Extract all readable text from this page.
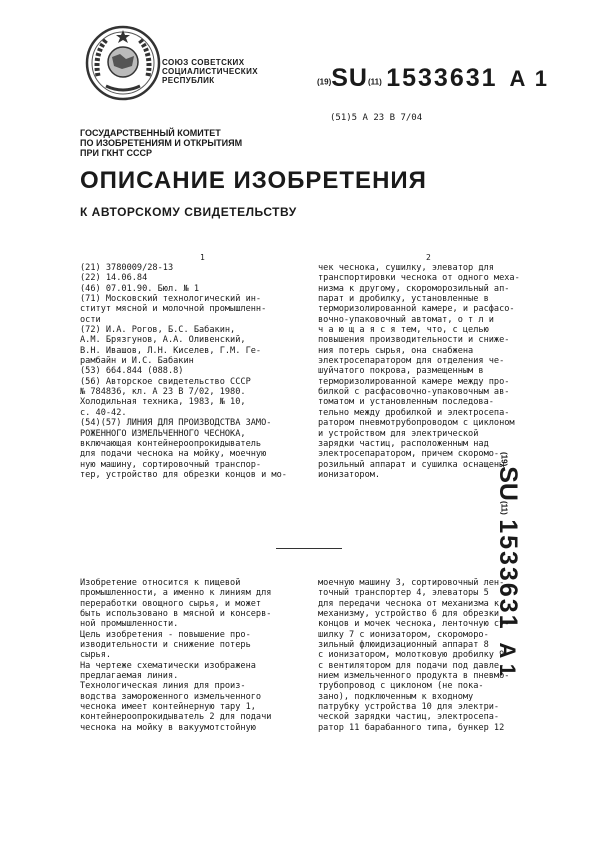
СОЮЗ СОВЕТСКИХ
СОЦИАЛИСТИЧЕСКИХ
РЕСПУБЛИК	(19)SU(11) 1533631 A 1
(51)5 А 23 В 7/04
ГОСУДАРСТВЕННЫЙ КОМИТЕТ
ПО ИЗОБРЕТЕНИЯМ И ОТКРЫТИЯМ
ПРИ ГКНТ СССР
ОПИСАНИЕ ИЗОБРЕТЕНИЯ
К АВТОРСКОМУ СВИДЕТЕЛЬСТВУ
1	2
(21) 3780009/28-13
(22) 14.06.84
(46) 07.01.90. Бюл. № 1
(71) Московский технологический ин-
ститут мясной и молочной промышленн-
ости
(72) И.А. Рогов, Б.С. Бабакин,
А.М. Брязгунов, А.А. Оливенский,
В.Н. Ивашов, Л.Н. Киселев, Г.М. Ге-
рамбайн и И.С. Бабакин
(53) 664.844 (088.8)
(56) Авторское свидетельство СССР
№ 784836, кл. А 23 В 7/02, 1980.
Холодильная техника, 1983, № 10,
с. 40-42.
(54)(57) ЛИНИЯ ДЛЯ ПРОИЗВОДСТВА ЗАМО-
РОЖЕННОГО ИЗМЕЛЬЧЕННОГО ЧЕСНОКА,
включающая контейнероопрокидыватель
для подачи чеснока на мойку, моечную
ную машину, сортировочный транспор-
тер, устройство для обрезки концов и мо-
чек чеснока, сушилку, элеватор для
транспортировки чеснока от одного меха-
низма к другому, скороморозильный ап-
парат и дробилку, установленные в
терморизолированной камере, и расфасо-
вочно-упаковочный автомат, о т л и
ч а ю щ а я с я тем, что, с целью
повышения производительности и сниже-
ния потерь сырья, она снабжена
электросепаратором для отделения че-
шуйчатого покрова, размещенным в
терморизолированной камере между про-
билкой с расфасовочно-упаковочным ав-
томатом и установленным последова-
тельно между дробилкой и электросепа-
ратором пневмотрубопроводом с циклоном
и устройством для электрической
зарядки частиц, расположенным над
электросепаратором, причем скоромо-
розильный аппарат и сушилка оснащены
ионизатором.
Изобретение относится к пищевой
промышленности, а именно к линиям для
переработки овощного сырья, и может
быть использовано в мясной и консерв-
ной промышленности.
Цель изобретения - повышение про-
изводительности и снижение потерь
сырья.
На чертеже схематически изображена
предлагаемая линия.
Технологическая линия для произ-
водства замороженного измельченного
чеснока имеет контейнерную тару 1,
контейнероопрокидыватель 2 для подачи
чеснока на мойку в вакуумотстойную
моечную машину 3, сортировочный лен-
точный транспортер 4, элеваторы 5
для передачи чеснока от механизма к
механизму, устройство 6 для обрезки
концов и мочек чеснока, ленточную су-
шилку 7 с ионизатором, скороморо-
зильный флюидизационный аппарат 8
с ионизатором, молотковую дробилку 9
с вентилятором для подачи под давле-
нием измельченного продукта в пневмо-
трубопровод с циклоном (не пока-
зано), подключенным к входному
патрубку устройства 10 для электри-
ческой зарядки частиц, электросепа-
ратор 11 барабанного типа, бункер 12
(19)SU(11) 1533631A 1
